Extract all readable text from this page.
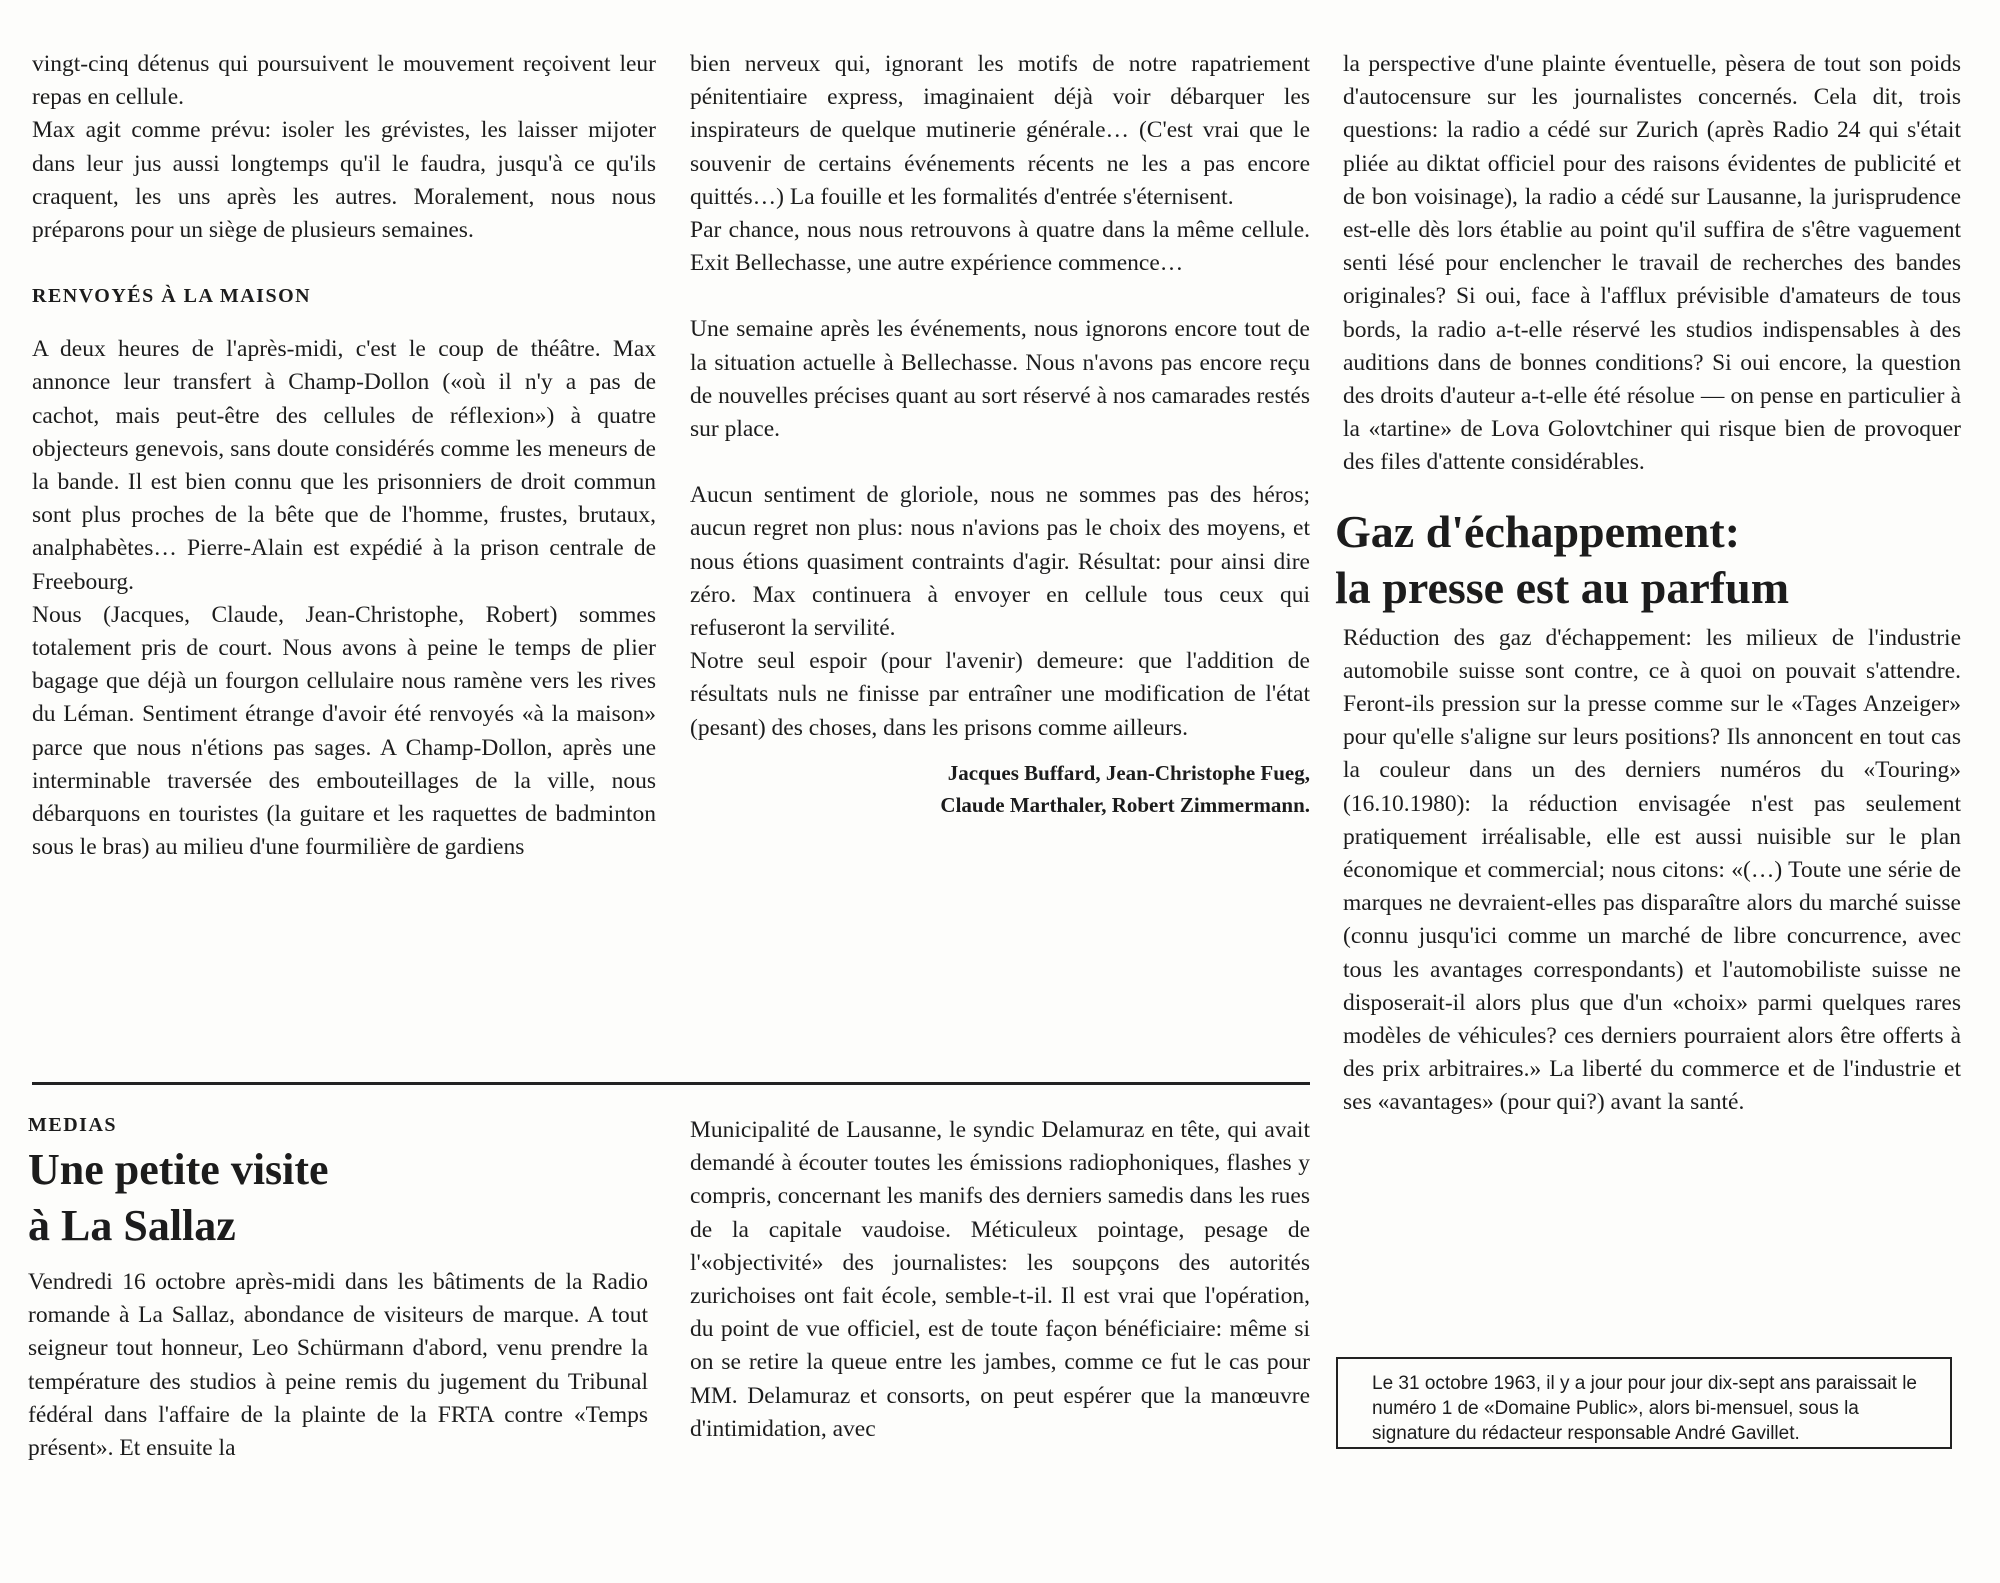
vingt-cinq détenus qui poursuivent le mouvement reçoivent leur repas en cellule.

Max agit comme prévu: isoler les grévistes, les laisser mijoter dans leur jus aussi longtemps qu'il le faudra, jusqu'à ce qu'ils craquent, les uns après les autres. Moralement, nous nous préparons pour un siège de plusieurs semaines.

RENVOYÉS À LA MAISON

A deux heures de l'après-midi, c'est le coup de théâtre. Max annonce leur transfert à Champ-Dollon («où il n'y a pas de cachot, mais peut-être des cellules de réflexion») à quatre objecteurs genevois, sans doute considérés comme les meneurs de la bande. Il est bien connu que les prisonniers de droit commun sont plus proches de la bête que de l'homme, frustes, brutaux, analphabètes… Pierre-Alain est expédié à la prison centrale de Freebourg.

Nous (Jacques, Claude, Jean-Christophe, Robert) sommes totalement pris de court. Nous avons à peine le temps de plier bagage que déjà un fourgon cellulaire nous ramène vers les rives du Léman. Sentiment étrange d'avoir été renvoyés «à la maison» parce que nous n'étions pas sages. A Champ-Dollon, après une interminable traversée des embouteillages de la ville, nous débarquons en touristes (la guitare et les raquettes de badminton sous le bras) au milieu d'une fourmilière de gardiens

bien nerveux qui, ignorant les motifs de notre rapatriement pénitentiaire express, imaginaient déjà voir débarquer les inspirateurs de quelque mutinerie générale… (C'est vrai que le souvenir de certains événements récents ne les a pas encore quittés…) La fouille et les formalités d'entrée s'éternisent.

Par chance, nous nous retrouvons à quatre dans la même cellule. Exit Bellechasse, une autre expérience commence…

Une semaine après les événements, nous ignorons encore tout de la situation actuelle à Bellechasse. Nous n'avons pas encore reçu de nouvelles précises quant au sort réservé à nos camarades restés sur place.

Aucun sentiment de gloriole, nous ne sommes pas des héros; aucun regret non plus: nous n'avions pas le choix des moyens, et nous étions quasiment contraints d'agir. Résultat: pour ainsi dire zéro. Max continuera à envoyer en cellule tous ceux qui refuseront la servilité.

Notre seul espoir (pour l'avenir) demeure: que l'addition de résultats nuls ne finisse par entraîner une modification de l'état (pesant) des choses, dans les prisons comme ailleurs.

Jacques Buffard, Jean-Christophe Fueg,
Claude Marthaler, Robert Zimmermann.

la perspective d'une plainte éventuelle, pèsera de tout son poids d'autocensure sur les journalistes concernés. Cela dit, trois questions: la radio a cédé sur Zurich (après Radio 24 qui s'était pliée au diktat officiel pour des raisons évidentes de publicité et de bon voisinage), la radio a cédé sur Lausanne, la jurisprudence est-elle dès lors établie au point qu'il suffira de s'être vaguement senti lésé pour enclencher le travail de recherches des bandes originales? Si oui, face à l'afflux prévisible d'amateurs de tous bords, la radio a-t-elle réservé les studios indispensables à des auditions dans de bonnes conditions? Si oui encore, la question des droits d'auteur a-t-elle été résolue — on pense en particulier à la «tartine» de Lova Golovtchiner qui risque bien de provoquer des files d'attente considérables.

Gaz d'échappement:
la presse est au parfum

Réduction des gaz d'échappement: les milieux de l'industrie automobile suisse sont contre, ce à quoi on pouvait s'attendre. Feront-ils pression sur la presse comme sur le «Tages Anzeiger» pour qu'elle s'aligne sur leurs positions? Ils annoncent en tout cas la couleur dans un des derniers numéros du «Touring» (16.10.1980): la réduction envisagée n'est pas seulement pratiquement irréalisable, elle est aussi nuisible sur le plan économique et commercial; nous citons: «(…) Toute une série de marques ne devraient-elles pas disparaître alors du marché suisse (connu jusqu'ici comme un marché de libre concurrence, avec tous les avantages correspondants) et l'automobiliste suisse ne disposerait-il alors plus que d'un «choix» parmi quelques rares modèles de véhicules? ces derniers pourraient alors être offerts à des prix arbitraires.» La liberté du commerce et de l'industrie et ses «avantages» (pour qui?) avant la santé.

MEDIAS
Une petite visite
à La Sallaz

Vendredi 16 octobre après-midi dans les bâtiments de la Radio romande à La Sallaz, abondance de visiteurs de marque. A tout seigneur tout honneur, Leo Schürmann d'abord, venu prendre la température des studios à peine remis du jugement du Tribunal fédéral dans l'affaire de la plainte de la FRTA contre «Temps présent». Et ensuite la

Municipalité de Lausanne, le syndic Delamuraz en tête, qui avait demandé à écouter toutes les émissions radiophoniques, flashes y compris, concernant les manifs des derniers samedis dans les rues de la capitale vaudoise. Méticuleux pointage, pesage de l'«objectivité» des journalistes: les soupçons des autorités zurichoises ont fait école, semble-t-il. Il est vrai que l'opération, du point de vue officiel, est de toute façon bénéficiaire: même si on se retire la queue entre les jambes, comme ce fut le cas pour MM. Delamuraz et consorts, on peut espérer que la manœuvre d'intimidation, avec

Le 31 octobre 1963, il y a jour pour jour dix-sept ans paraissait le numéro 1 de «Domaine Public», alors bi-mensuel, sous la signature du rédacteur responsable André Gavillet.
